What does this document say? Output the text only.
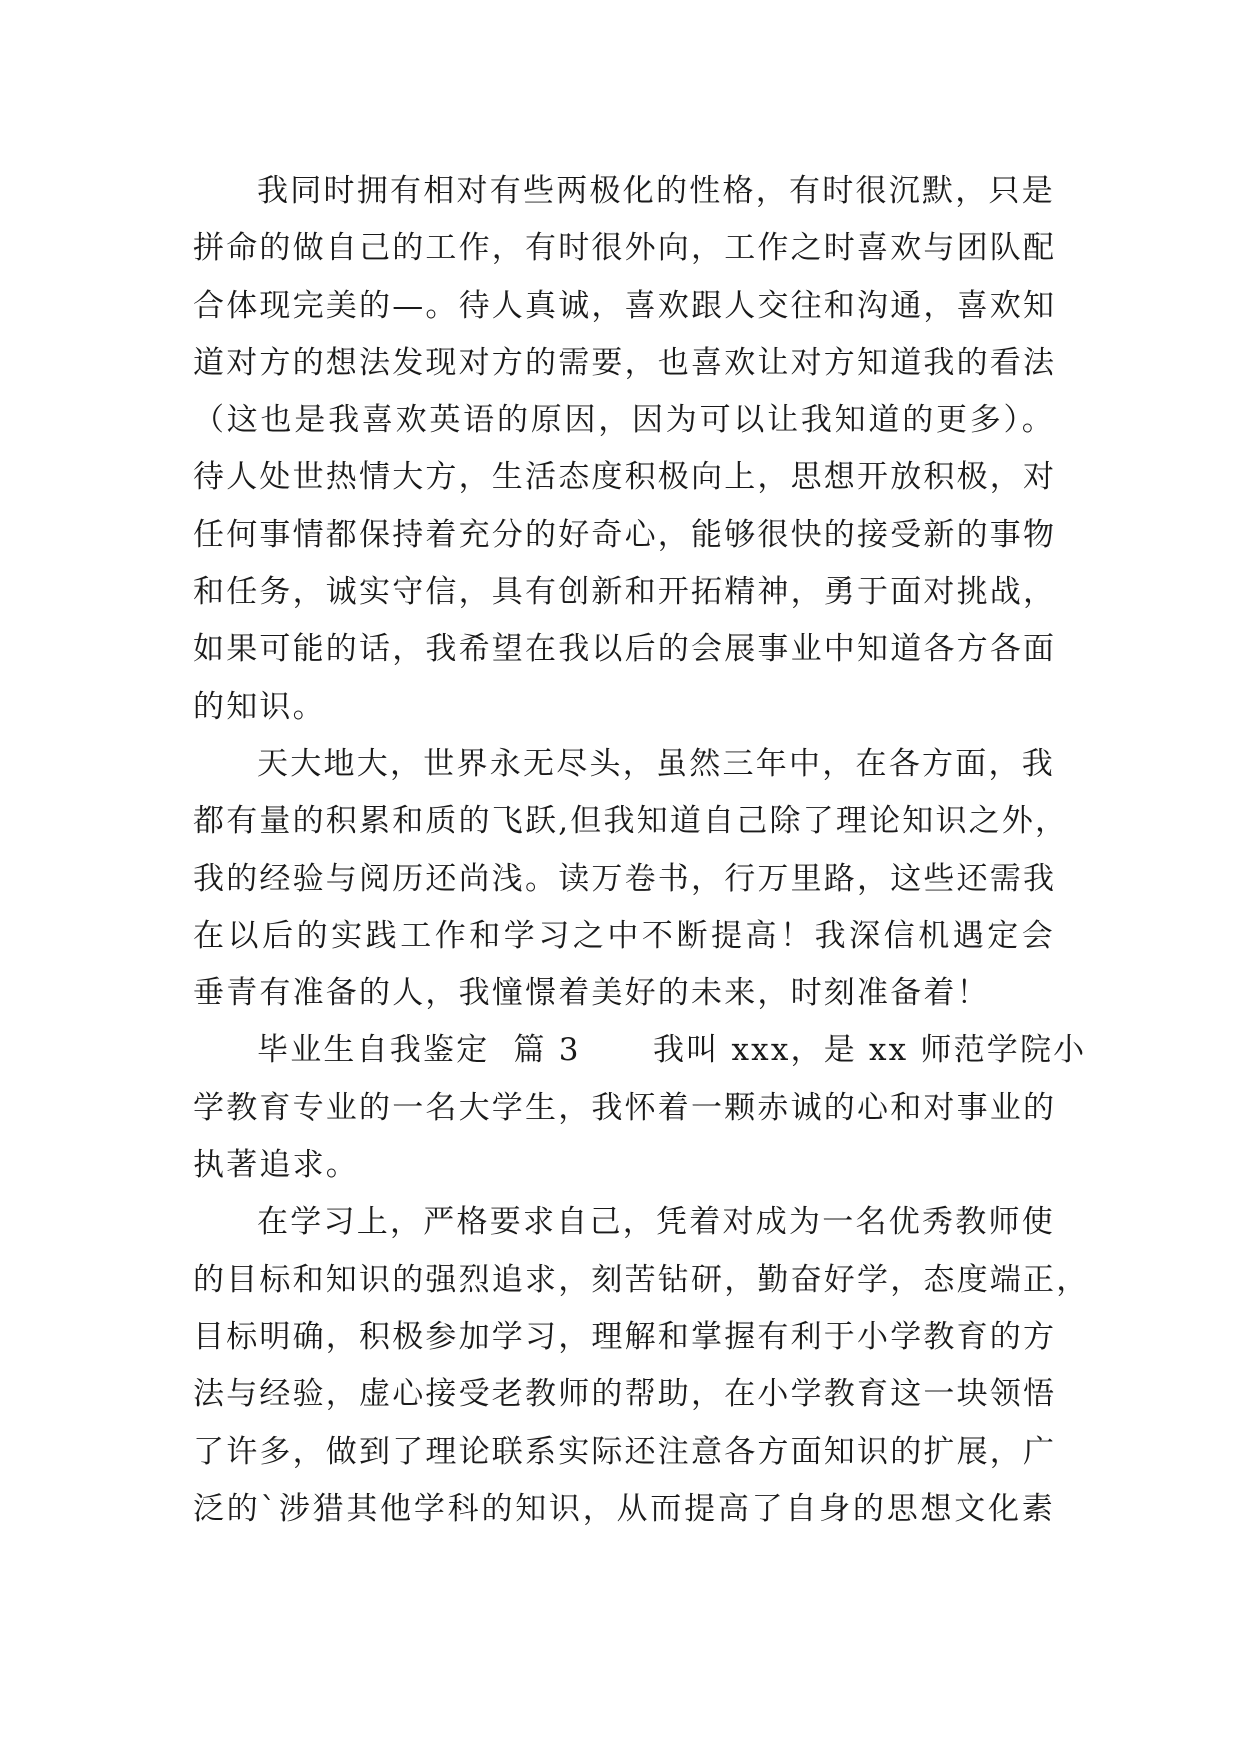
我同时拥有相对有些两极化的性格，有时很沉默，只是
拼命的做自己的工作，有时很外向，工作之时喜欢与团队配
合体现完美的—。待人真诚，喜欢跟人交往和沟通，喜欢知
道对方的想法发现对方的需要，也喜欢让对方知道我的看法
（这也是我喜欢英语的原因，因为可以让我知道的更多）。
待人处世热情大方，生活态度积极向上，思想开放积极，对
任何事情都保持着充分的好奇心，能够很快的接受新的事物
和任务，诚实守信，具有创新和开拓精神，勇于面对挑战，
如果可能的话，我希望在我以后的会展事业中知道各方各面
的知识。
天大地大，世界永无尽头，虽然三年中，在各方面，我
都有量的积累和质的飞跃,但我知道自己除了理论知识之外，
我的经验与阅历还尚浅。读万卷书，行万里路，这些还需我
在以后的实践工作和学习之中不断提高！我深信机遇定会
垂青有准备的人，我憧憬着美好的未来，时刻准备着！
毕业生自我鉴定  篇 3      我叫 xxx，是 xx 师范学院小
学教育专业的一名大学生，我怀着一颗赤诚的心和对事业的
执著追求。
在学习上，严格要求自己，凭着对成为一名优秀教师使
的目标和知识的强烈追求，刻苦钻研，勤奋好学，态度端正，
目标明确，积极参加学习，理解和掌握有利于小学教育的方
法与经验，虚心接受老教师的帮助，在小学教育这一块领悟
了许多，做到了理论联系实际还注意各方面知识的扩展，广
泛的`涉猎其他学科的知识，从而提高了自身的思想文化素
